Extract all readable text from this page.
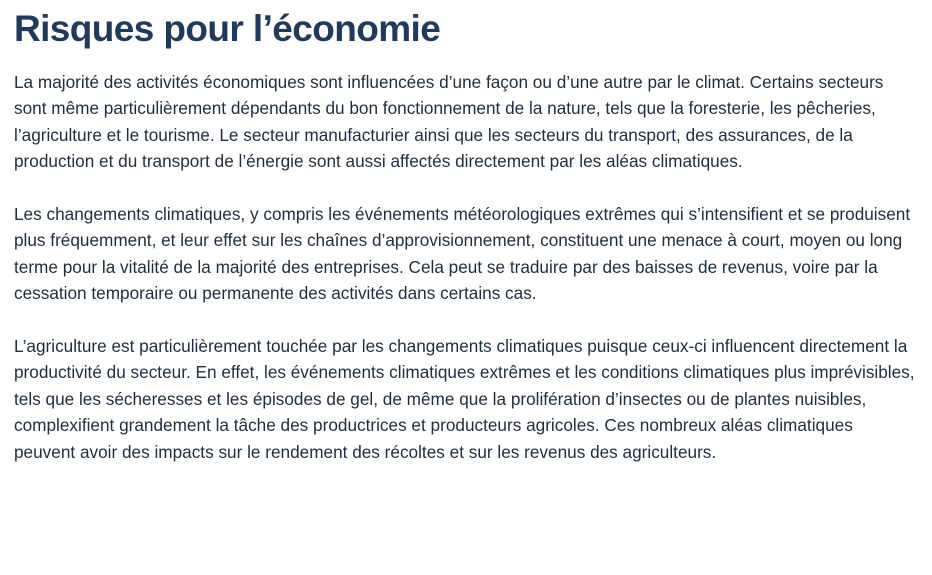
Risques pour l’économie

La majorité des activités économiques sont influencées d’une façon ou d’une autre par le climat. Certains secteurs sont même particulièrement dépendants du bon fonctionnement de la nature, tels que la foresterie, les pêcheries, l’agriculture et le tourisme. Le secteur manufacturier ainsi que les secteurs du transport, des assurances, de la production et du transport de l’énergie sont aussi affectés directement par les aléas climatiques.

Les changements climatiques, y compris les événements météorologiques extrêmes qui s’intensifient et se produisent plus fréquemment, et leur effet sur les chaînes d’approvisionnement, constituent une menace à court, moyen ou long terme pour la vitalité de la majorité des entreprises. Cela peut se traduire par des baisses de revenus, voire par la cessation temporaire ou permanente des activités dans certains cas.

L’agriculture est particulièrement touchée par les changements climatiques puisque ceux-ci influencent directement la productivité du secteur. En effet, les événements climatiques extrêmes et les conditions climatiques plus imprévisibles, tels que les sécheresses et les épisodes de gel, de même que la prolifération d’insectes ou de plantes nuisibles, complexifient grandement la tâche des productrices et producteurs agricoles. Ces nombreux aléas climatiques peuvent avoir des impacts sur le rendement des récoltes et sur les revenus des agriculteurs.
